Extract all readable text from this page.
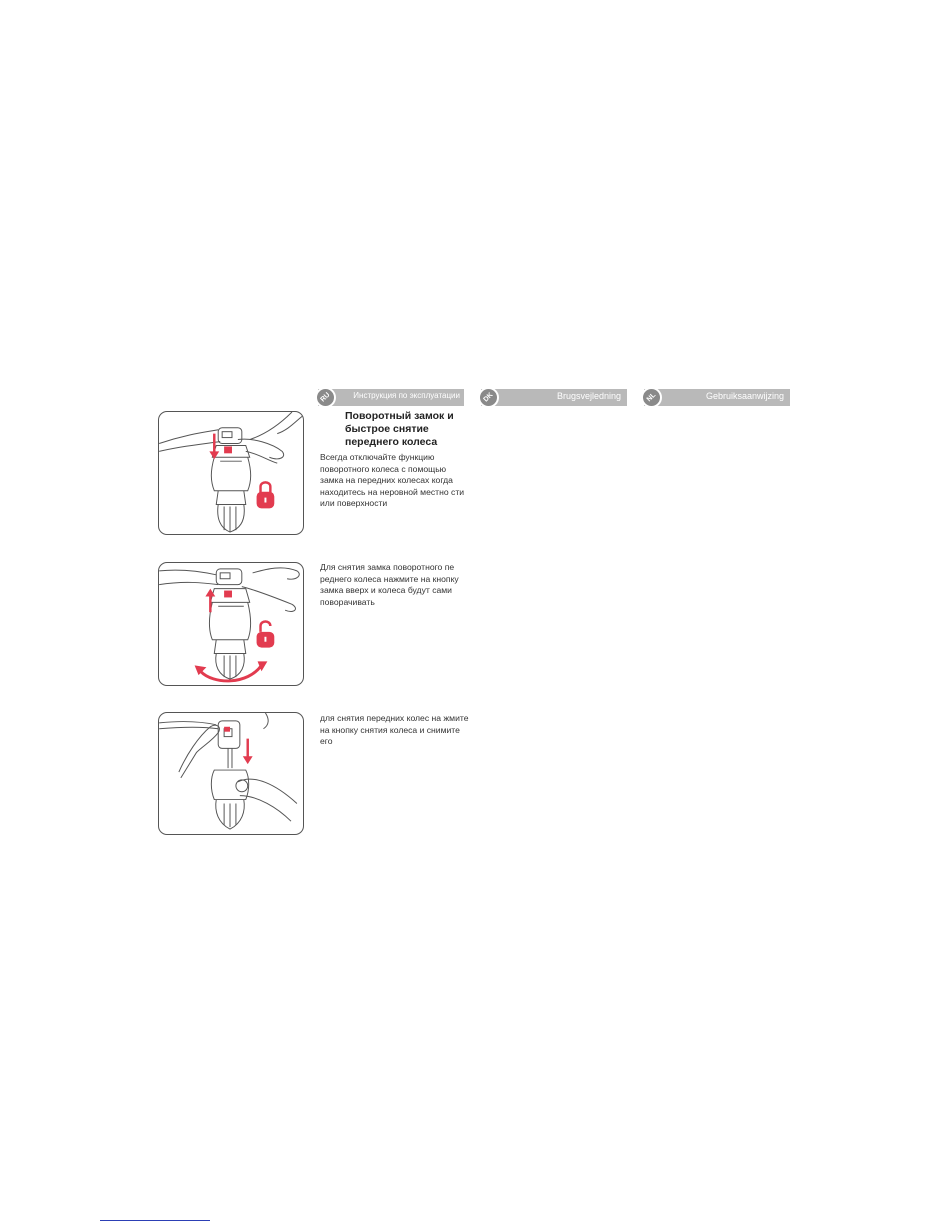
RU	Инструкция по эксплуатации	DK	Brugsvejledning	NL	Gebruiksaanwijzing
Поворотный замок и быстрое снятие переднего колеса
Всегда отключайте функцию поворотного колеса с помощью замка на передних колесах когда находитесь на неровной местно сти или поверхности
Для снятия замка поворотного пе реднего колеса нажмите на кнопку замка вверх и колеса будут сами поворачивать
для снятия передних колес на жмите на кнопку снятия колеса и снимите его
